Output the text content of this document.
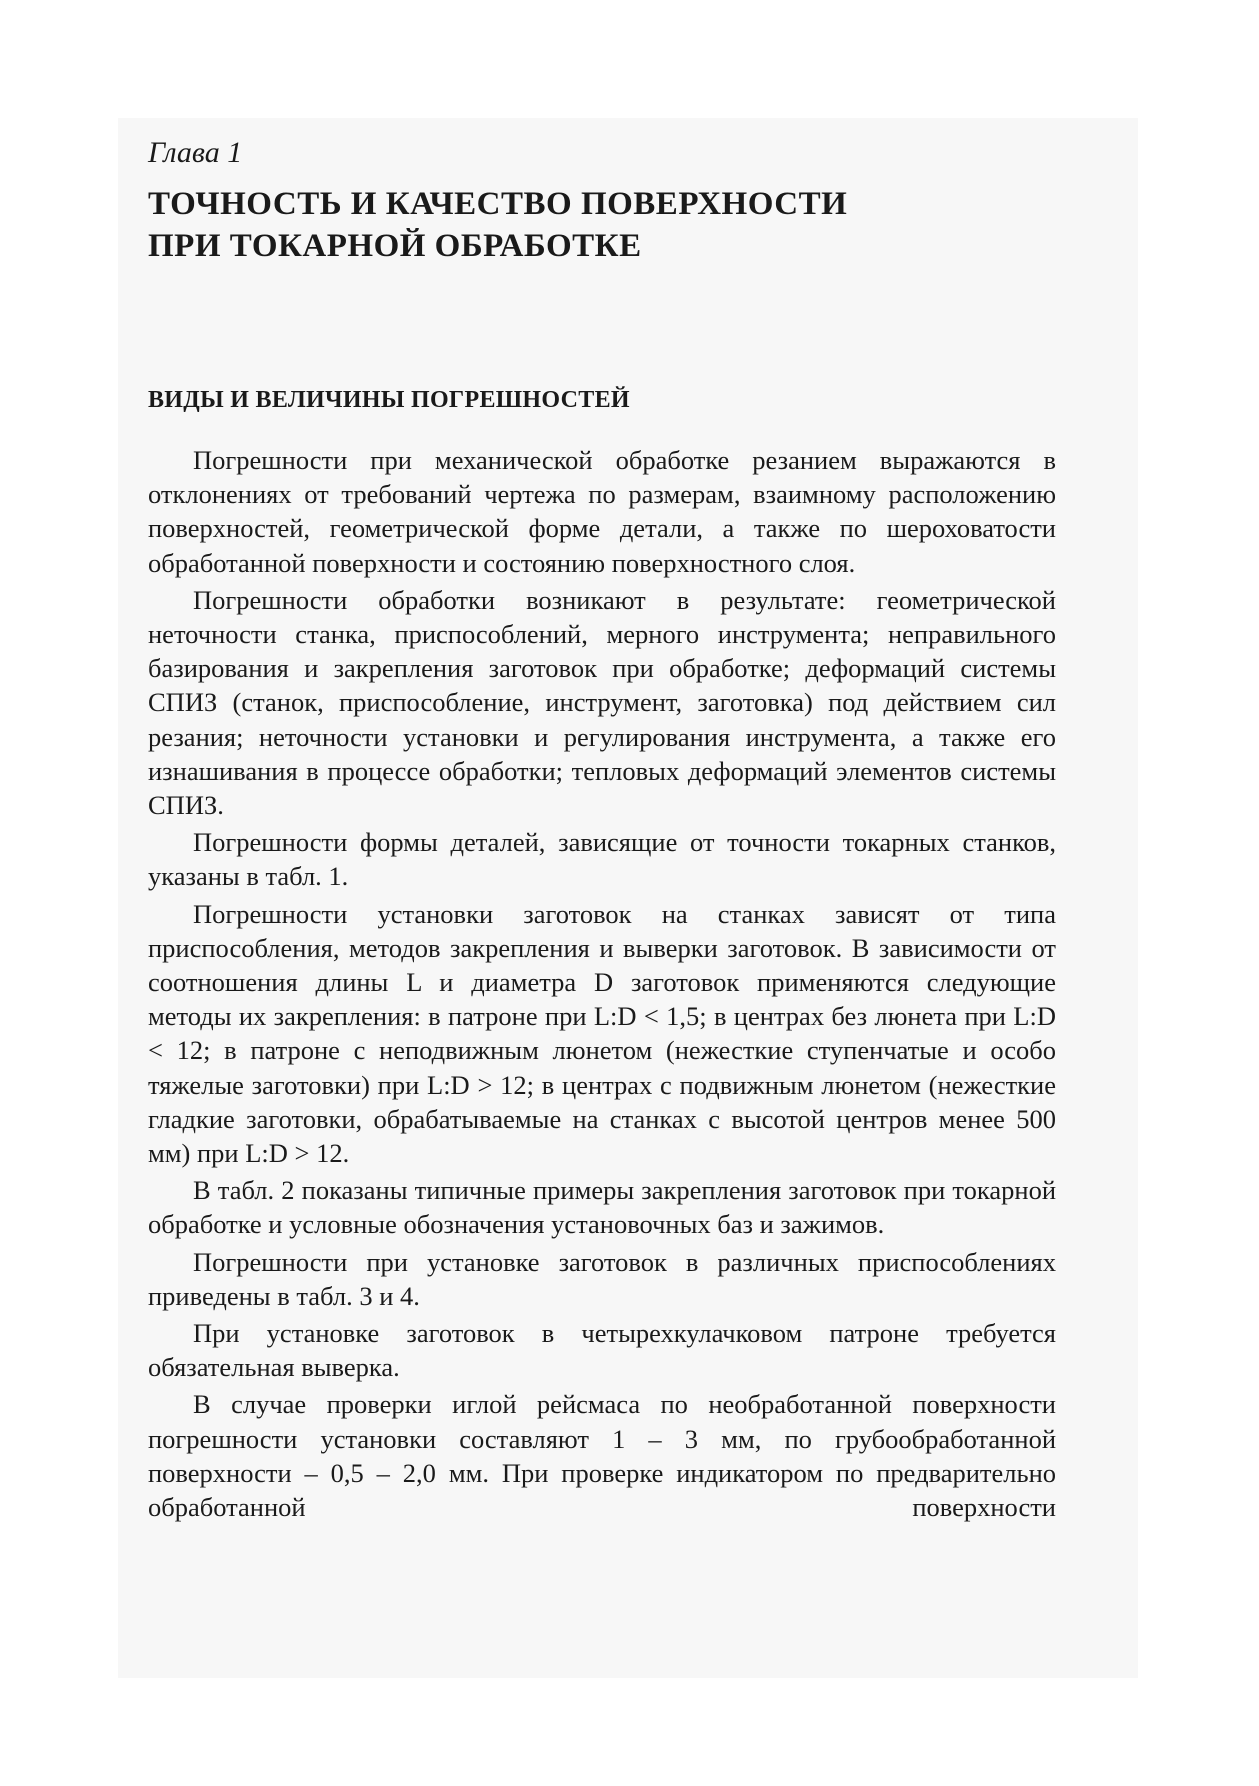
Глава 1

ТОЧНОСТЬ И КАЧЕСТВО ПОВЕРХНОСТИ
ПРИ ТОКАРНОЙ ОБРАБОТКЕ
ВИДЫ И ВЕЛИЧИНЫ ПОГРЕШНОСТЕЙ

Погрешности при механической обработке резанием выражаются в отклонениях от требований чертежа по размерам, взаимному расположению поверхностей, геометрической форме детали, а также по шероховатости обработанной поверхности и состоянию поверхностного слоя.

Погрешности обработки возникают в результате: геометрической неточности станка, приспособлений, мерного инструмента; неправильного базирования и закрепления заготовок при обработке; деформаций системы СПИЗ (станок, приспособление, инструмент, заготовка) под действием сил резания; неточности установки и регулирования инструмента, а также его изнашивания в процессе обработки; тепловых деформаций элементов системы СПИЗ.

Погрешности формы деталей, зависящие от точности токарных станков, указаны в табл. 1.

Погрешности установки заготовок на станках зависят от типа приспособления, методов закрепления и выверки заготовок. В зависимости от соотношения длины L и диаметра D заготовок применяются следующие методы их закрепления: в патроне при L:D < 1,5; в центрах без люнета при L:D < 12; в патроне с неподвижным люнетом (нежесткие ступенчатые и особо тяжелые заготовки) при L:D > 12; в центрах с подвижным люнетом (нежесткие гладкие заготовки, обрабатываемые на станках с высотой центров менее 500 мм) при L:D > 12.

В табл. 2 показаны типичные примеры закрепления заготовок при токарной обработке и условные обозначения установочных баз и зажимов.

Погрешности при установке заготовок в различных приспособлениях приведены в табл. 3 и 4.

При установке заготовок в четырехкулачковом патроне требуется обязательная выверка.

В случае проверки иглой рейсмаса по необработанной поверхности погрешности установки составляют 1 – 3 мм, по грубообработанной поверхности – 0,5 – 2,0 мм. При проверке индикатором по предварительно обработанной поверхности
